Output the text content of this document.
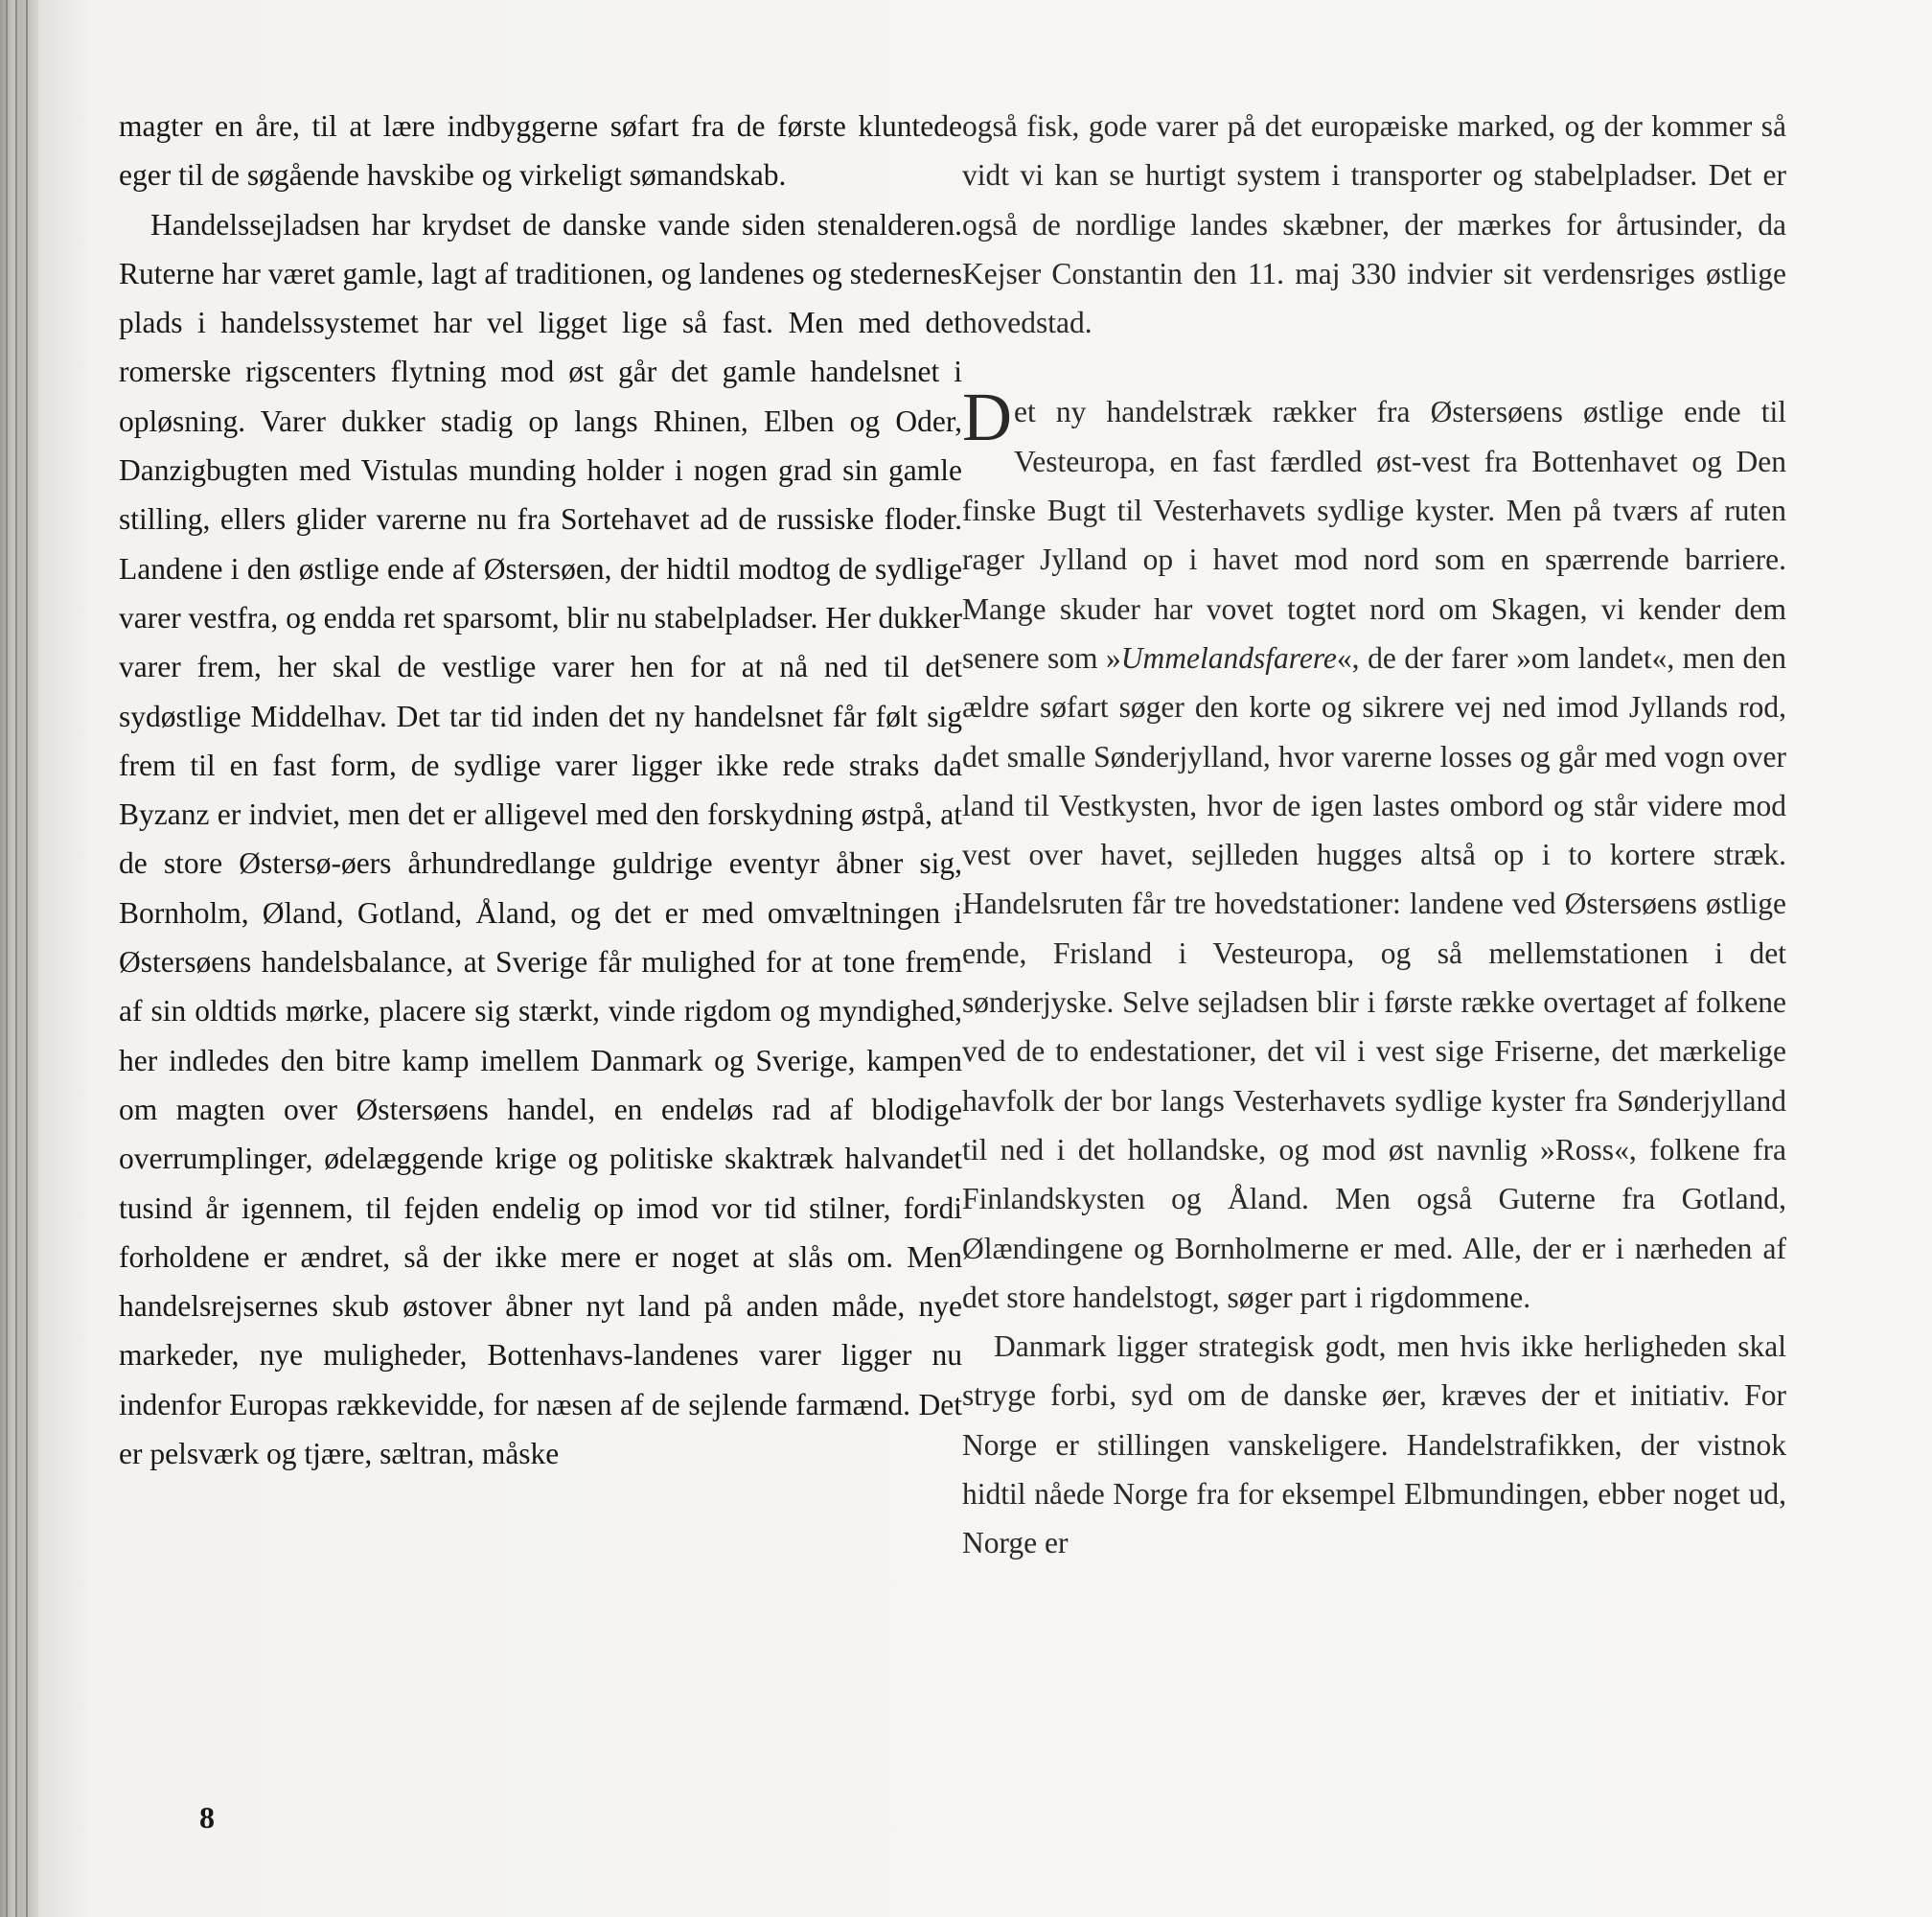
magter en åre, til at lære indbyggerne søfart fra de første kluntede eger til de søgående havskibe og virkeligt sømandskab.

Handelssejladsen har krydset de danske vande siden stenalderen. Ruterne har været gamle, lagt af traditionen, og landenes og stedernes plads i handelssystemet har vel ligget lige så fast. Men med det romerske rigscenters flytning mod øst går det gamle handelsnet i opløsning. Varer dukker stadig op langs Rhinen, Elben og Oder, Danzigbugten med Vistulas munding holder i nogen grad sin gamle stilling, ellers glider varerne nu fra Sortehavet ad de russiske floder. Landene i den østlige ende af Østersøen, der hidtil modtog de sydlige varer vestfra, og endda ret sparsomt, blir nu stabelpladser. Her dukker varer frem, her skal de vestlige varer hen for at nå ned til det sydøstlige Middelhav. Det tar tid inden det ny handelsnet får følt sig frem til en fast form, de sydlige varer ligger ikke rede straks da Byzanz er indviet, men det er alligevel med den forskydning østpå, at de store Østersø-øers århundredlange guldrige eventyr åbner sig, Bornholm, Øland, Gotland, Åland, og det er med omvæltningen i Østersøens handelsbalance, at Sverige får mulighed for at tone frem af sin oldtids mørke, placere sig stærkt, vinde rigdom og myndighed, her indledes den bitre kamp imellem Danmark og Sverige, kampen om magten over Østersøens handel, en endeløs rad af blodige overrumplinger, ødelæggende krige og politiske skaktræk halvandet tusind år igennem, til fejden endelig op imod vor tid stilner, fordi forholdene er ændret, så der ikke mere er noget at slås om. Men handelsrejsernes skub østover åbner nyt land på anden måde, nye markeder, nye muligheder, Bottenhavs-landenes varer ligger nu indenfor Europas rækkevidde, for næsen af de sejlende farmænd. Det er pelsværk og tjære, sæltran, måske

også fisk, gode varer på det europæiske marked, og der kommer så vidt vi kan se hurtigt system i transporter og stabelpladser. Det er også de nordlige landes skæbner, der mærkes for årtusinder, da Kejser Constantin den 11. maj 330 indvier sit verdensriges østlige hovedstad.

Det ny handelstræk rækker fra Østersøens østlige ende til Vesteuropa, en fast færdled øst-vest fra Bottenhavet og Den finske Bugt til Vesterhavets sydlige kyster. Men på tværs af ruten rager Jylland op i havet mod nord som en spærrende barriere. Mange skuder har vovet togtet nord om Skagen, vi kender dem senere som »Ummelandsfarere«, de der farer »om landet«, men den ældre søfart søger den korte og sikrere vej ned imod Jyllands rod, det smalle Sønderjylland, hvor varerne losses og går med vogn over land til Vestkysten, hvor de igen lastes ombord og står videre mod vest over havet, sejlleden hugges altså op i to kortere stræk. Handelsruten får tre hovedstationer: landene ved Østersøens østlige ende, Frisland i Vesteuropa, og så mellemstationen i det sønderjyske. Selve sejladsen blir i første række overtaget af folkene ved de to endestationer, det vil i vest sige Friserne, det mærkelige havfolk der bor langs Vesterhavets sydlige kyster fra Sønderjylland til ned i det hollandske, og mod øst navnlig »Ross«, folkene fra Finlandskysten og Åland. Men også Guterne fra Gotland, Ølændingene og Bornholmerne er med. Alle, der er i nærheden af det store handelstogt, søger part i rigdommene.

Danmark ligger strategisk godt, men hvis ikke herligheden skal stryge forbi, syd om de danske øer, kræves der et initiativ. For Norge er stillingen vanskeligere. Handelstrafikken, der vistnok hidtil nåede Norge fra for eksempel Elbmundingen, ebber noget ud, Norge er

8
